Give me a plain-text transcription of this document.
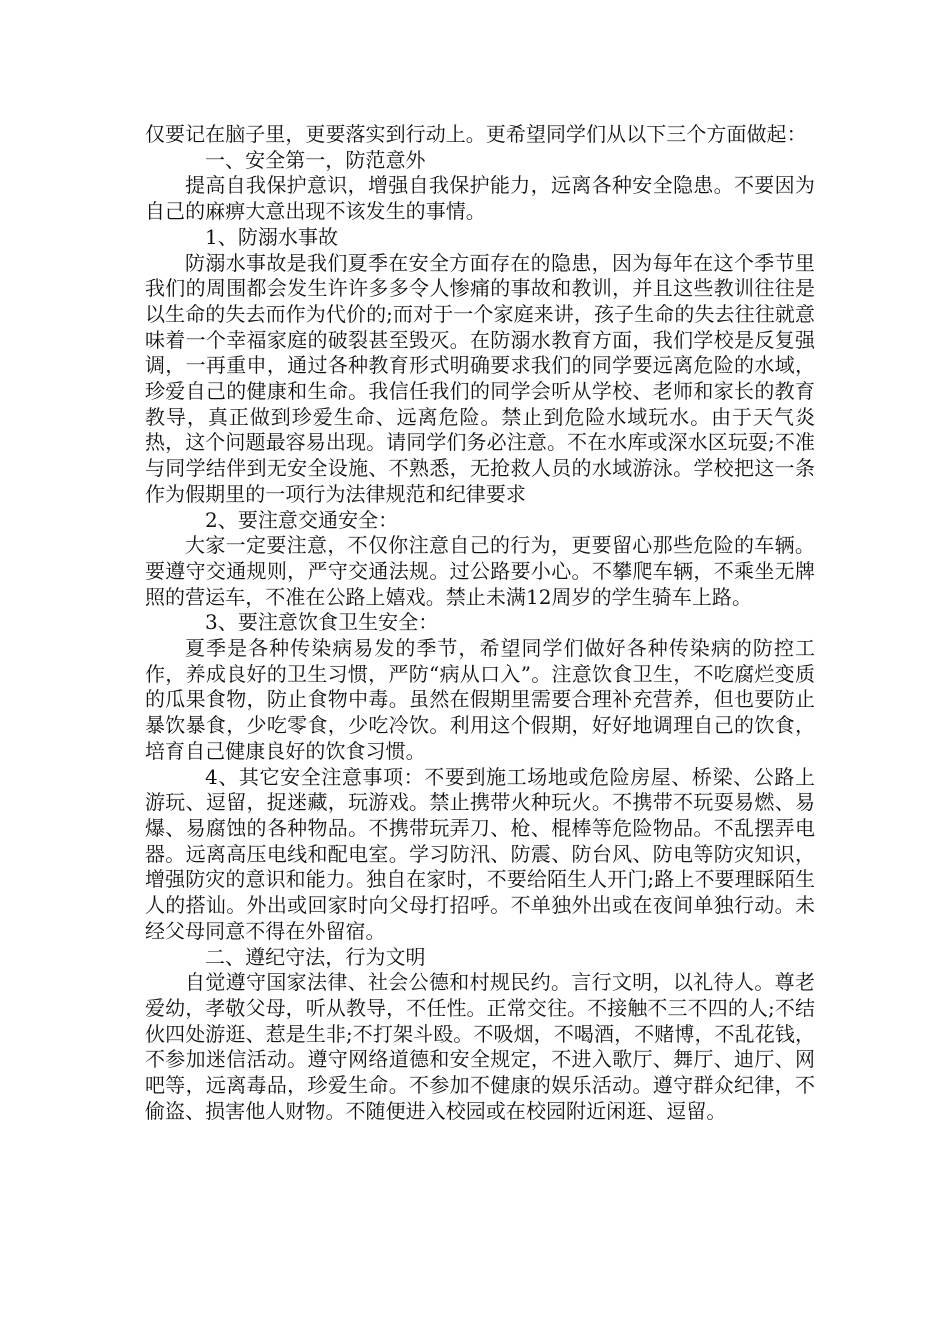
仅要记在脑子里，更要落实到行动上。更希望同学们从以下三个方面做起：

一、安全第一，防范意外

提高自我保护意识，增强自我保护能力，远离各种安全隐患。不要因为自己的麻痹大意出现不该发生的事情。

1、防溺水事故

防溺水事故是我们夏季在安全方面存在的隐患，因为每年在这个季节里我们的周围都会发生许许多多令人惨痛的事故和教训，并且这些教训往往是以生命的失去而作为代价的;而对于一个家庭来讲，孩子生命的失去往往就意味着一个幸福家庭的破裂甚至毁灭。在防溺水教育方面，我们学校是反复强调，一再重申，通过各种教育形式明确要求我们的同学要远离危险的水域，珍爱自己的健康和生命。我信任我们的同学会听从学校、老师和家长的教育教导，真正做到珍爱生命、远离危险。禁止到危险水域玩水。由于天气炎热，这个问题最容易出现。请同学们务必注意。不在水库或深水区玩耍;不准与同学结伴到无安全设施、不熟悉，无抢救人员的水域游泳。学校把这一条作为假期里的一项行为法律规范和纪律要求

2、要注意交通安全：

大家一定要注意，不仅你注意自己的行为，更要留心那些危险的车辆。要遵守交通规则，严守交通法规。过公路要小心。不攀爬车辆，不乘坐无牌照的营运车，不准在公路上嬉戏。禁止未满12周岁的学生骑车上路。

3、要注意饮食卫生安全：

夏季是各种传染病易发的季节，希望同学们做好各种传染病的防控工作，养成良好的卫生习惯，严防“病从口入”。注意饮食卫生，不吃腐烂变质的瓜果食物，防止食物中毒。虽然在假期里需要合理补充营养，但也要防止暴饮暴食，少吃零食，少吃冷饮。利用这个假期，好好地调理自己的饮食，培育自己健康良好的饮食习惯。

4、其它安全注意事项：不要到施工场地或危险房屋、桥梁、公路上游玩、逗留，捉迷藏，玩游戏。禁止携带火种玩火。不携带不玩耍易燃、易爆、易腐蚀的各种物品。不携带玩弄刀、枪、棍棒等危险物品。不乱摆弄电器。远离高压电线和配电室。学习防汛、防震、防台风、防电等防灾知识，增强防灾的意识和能力。独自在家时，不要给陌生人开门;路上不要理睬陌生人的搭讪。外出或回家时向父母打招呼。不单独外出或在夜间单独行动。未经父母同意不得在外留宿。

二、遵纪守法，行为文明

自觉遵守国家法律、社会公德和村规民约。言行文明，以礼待人。尊老爱幼，孝敬父母，听从教导，不任性。正常交往。不接触不三不四的人;不结伙四处游逛、惹是生非;不打架斗殴。不吸烟，不喝酒，不赌博，不乱花钱，不参加迷信活动。遵守网络道德和安全规定，不进入歌厅、舞厅、迪厅、网吧等，远离毒品，珍爱生命。不参加不健康的娱乐活动。遵守群众纪律，不偷盗、损害他人财物。不随便进入校园或在校园附近闲逛、逗留。
